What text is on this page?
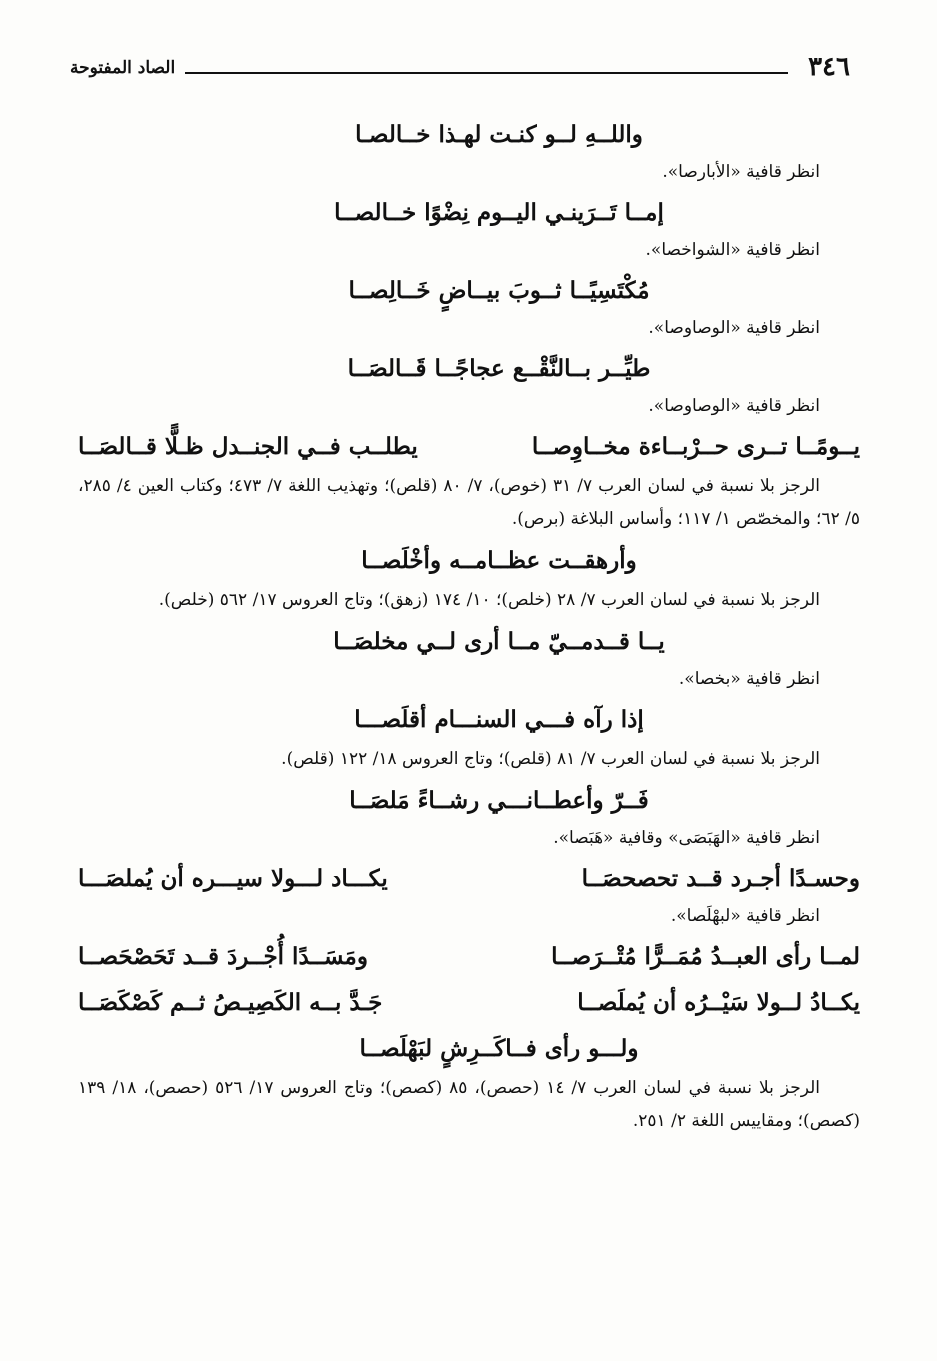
٣٤٦
الصاد المفتوحة
واللــهِ لــو كنـت لهـذا خــالصـا
انظر قافية «الأبارصا».
إمــا تَــرَينـي اليــوم نِضْوًا خــالصــا
انظر قافية «الشواخصا».
مُكْتَسِيًــا ثــوبَ بيــاضٍ خَــالِصــا
انظر قافية «الوصاوصا».
طيِّــر بــالنَّقْــع عجاجًــا قَــالصَــا
انظر قافية «الوصاوصا».
يــومًــا تــرى حــرْبــاءة مخــاوِصــا
يطلــب فــي الجنــدل ظـلًّا قــالصَــا
الرجز بلا نسبة في لسان العرب ٧/ ٣١ (خوص)، ٧/ ٨٠ (قلص)؛ وتهذيب اللغة ٧/ ٤٧٣؛ وكتاب العين ٤/ ٢٨٥، ٥/ ٦٢؛ والمخصّص ١/ ١١٧؛ وأساس البلاغة (برص).
وأرهقــت عظــامــه وأخْلَصــا
الرجز بلا نسبة في لسان العرب ٧/ ٢٨ (خلص)؛ ١٠/ ١٧٤ (زهق)؛ وتاج العروس ١٧/ ٥٦٢ (خلص).
يــا قــدمــيّ مــا أرى لــي مخلصَــا
انظر قافية «بخصا».
إذا رآه فـــي السنـــام أقلَصـــا
الرجز بلا نسبة في لسان العرب ٧/ ٨١ (قلص)؛ وتاج العروس ١٨/ ١٢٢ (قلص).
فَــرّ وأعطــانـــي رشــاءً مَلصَــا
انظر قافية «الهَبَصَى» وقافية «هَبَصا».
وحسـدًا أجـرد قــد تحصحصَــا
يكـــاد لـــولا سيـــره أن يُملصَـــا
انظر قافية «لبهْلَصا».
لمــا رأى العبــدُ مُمَــرًّا مُتْــرَصــا
ومَسَــدًا أُجْــردَ قــد تَحَصْحَصــا
يكــادُ لــولا سَيْــرُه أن يُملَصــا
جَـدَّ بــه الكَصِيـصُ ثــم كَصْكَصَــا
ولـــو رأى فــاكَــرِشٍ لبَهْلَصــا
الرجز بلا نسبة في لسان العرب ٧/ ١٤ (حصص)، ٨٥ (كصص)؛ وتاج العروس ١٧/ ٥٢٦ (حصص)، ١٨/ ١٣٩ (كصص)؛ ومقاييس اللغة ٢/ ٢٥١.
